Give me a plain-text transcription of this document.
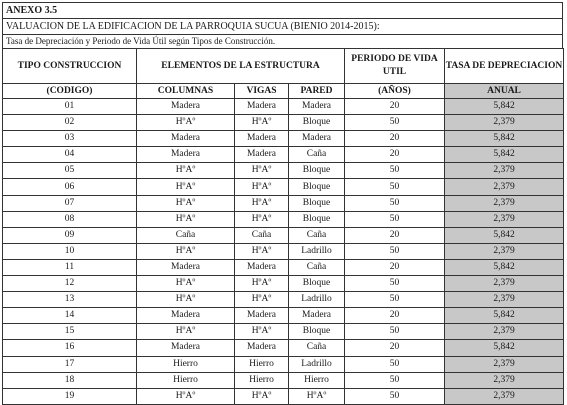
ANEXO 3.5
VALUACION DE LA EDIFICACION DE LA PARROQUIA SUCUA (BIENIO 2014-2015):
Tasa de Depreciación y Periodo de Vida Útil según Tipos de Construcción.
TIPO CONSTRUCCION	ELEMENTOS DE LA ESTRUCTURA			PERIODO DE VIDA UTIL	TASA DE DEPRECIACION
(CODIGO)	COLUMNAS	VIGAS	PARED	(AÑOS)	ANUAL
01	Madera	Madera	Madera	20	5,842
02	HºAº	HºAº	Bloque	50	2,379
03	Madera	Madera	Madera	20	5,842
04	Madera	Madera	Caña	20	5,842
05	HºAº	HºAº	Bloque	50	2,379
06	HºAº	HºAº	Bloque	50	2,379
07	HºAº	HºAº	Bloque	50	2,379
08	HºAº	HºAº	Bloque	50	2,379
09	Caña	Caña	Caña	20	5,842
10	HºAº	HºAº	Ladrillo	50	2,379
11	Madera	Madera	Caña	20	5,842
12	HºAº	HºAº	Bloque	50	2,379
13	HºAº	HºAº	Ladrillo	50	2,379
14	Madera	Madera	Madera	20	5,842
15	HºAº	HºAº	Bloque	50	2,379
16	Madera	Madera	Caña	20	5,842
17	Hierro	Hierro	Ladrillo	50	2,379
18	Hierro	Hierro	Hierro	50	2,379
19	HºAº	HºAº	HºAº	50	2,379
